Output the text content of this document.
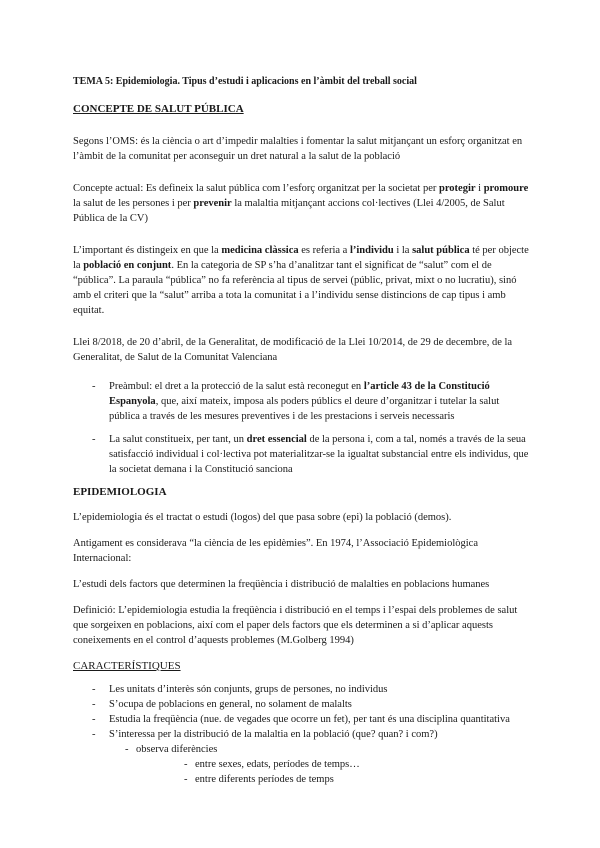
TEMA 5: Epidemiologia. Tipus d’estudi i aplicacions en l’àmbit del treball social

CONCEPTE DE SALUT PÚBLICA

Segons l’OMS: és la ciència o art d’impedir malalties i fomentar la salut mitjançant un esforç organitzat en l’àmbit de la comunitat per aconseguir un dret natural a la salut de la població

Concepte actual: Es defineix la salut pública com l’esforç organitzat per la societat per protegir i promoure la salut de les persones i per prevenir la malaltia mitjançant accions col·lectives (Llei 4/2005, de Salut Pública de la CV)

L’important és distingeix en que la medicina clàssica es referia a l’individu i la salut pública té per objecte la població en conjunt. En la categoria de SP s’ha d’analitzar tant el significat de “salut” com el de “pública”. La paraula “pública” no fa referència al tipus de servei (públic, privat, mixt o no lucratiu), sinó amb el criteri que la “salut” arriba a tota la comunitat i a l’individu sense distincions de cap tipus i amb equitat.

Llei 8/2018, de 20 d’abril, de la Generalitat, de modificació de la Llei 10/2014, de 29 de decembre, de la Generalitat, de Salut de la Comunitat Valenciana

- Preàmbul: el dret a la protecció de la salut està reconegut en l’article 43 de la Constitució Espanyola, que, així mateix, imposa als poders públics el deure d’organitzar i tutelar la salut pública a través de les mesures preventives i de les prestacions i serveis necessaris
- La salut constitueix, per tant, un dret essencial de la persona i, com a tal, només a través de la seua satisfacció individual i col·lectiva pot materialitzar-se la igualtat substancial entre els individus, que la societat demana i la Constitució sanciona

EPIDEMIOLOGIA

L’epidemiologia és el tractat o estudi (logos) del que pasa sobre (epi) la població (demos).

Antigament es considerava “la ciència de les epidèmies”. En 1974, l’Associació Epidemiològica Internacional:

L’estudi dels factors que determinen la freqüència i distribució de malalties en poblacions humanes

Definició: L’epidemiologia estudia la freqüència i distribució en el temps i l’espai dels problemes de salut que sorgeixen en poblacions, així com el paper dels factors que els determinen a si d’aplicar aquests coneixements en el control d’aquests problemes (M.Golberg 1994)

CARACTERÍSTIQUES

- Les unitats d’interès són conjunts, grups de persones, no individus
- S’ocupa de poblacions en general, no solament de malalts
- Estudia la freqüència (nue. de vegades que ocorre un fet), per tant és una disciplina quantitativa
- S’interessa per la distribució de la malaltia en la població (que? quan? i com?)
- observa diferències
- entre sexes, edats, períodes de temps…
- entre diferents períodes de temps
